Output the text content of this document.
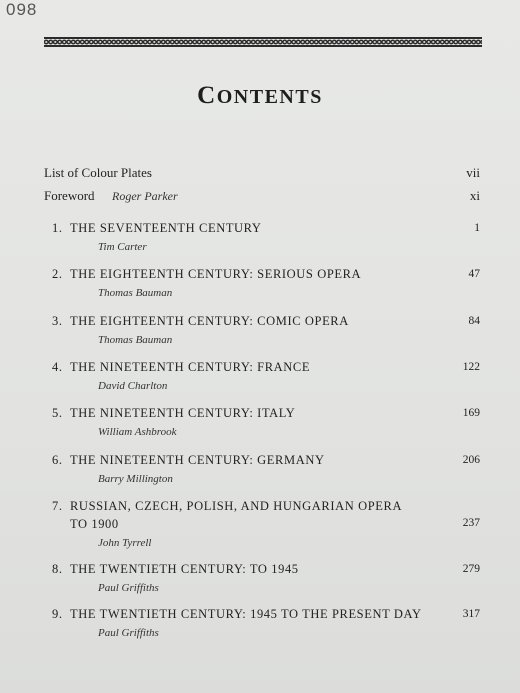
098
CONTENTS
List of Colour Plates	vii
Foreword Roger Parker	xi
1. THE SEVENTEENTH CENTURY
Tim Carter
1
2. THE EIGHTEENTH CENTURY: SERIOUS OPERA
Thomas Bauman
47
3. THE EIGHTEENTH CENTURY: COMIC OPERA
Thomas Bauman
84
4. THE NINETEENTH CENTURY: FRANCE
David Charlton
122
5. THE NINETEENTH CENTURY: ITALY
William Ashbrook
169
6. THE NINETEENTH CENTURY: GERMANY
Barry Millington
206
7. RUSSIAN, CZECH, POLISH, AND HUNGARIAN OPERA
TO 1900
John Tyrrell
237
8. THE TWENTIETH CENTURY: TO 1945
Paul Griffiths
279
9. THE TWENTIETH CENTURY: 1945 TO THE PRESENT DAY
Paul Griffiths
317
